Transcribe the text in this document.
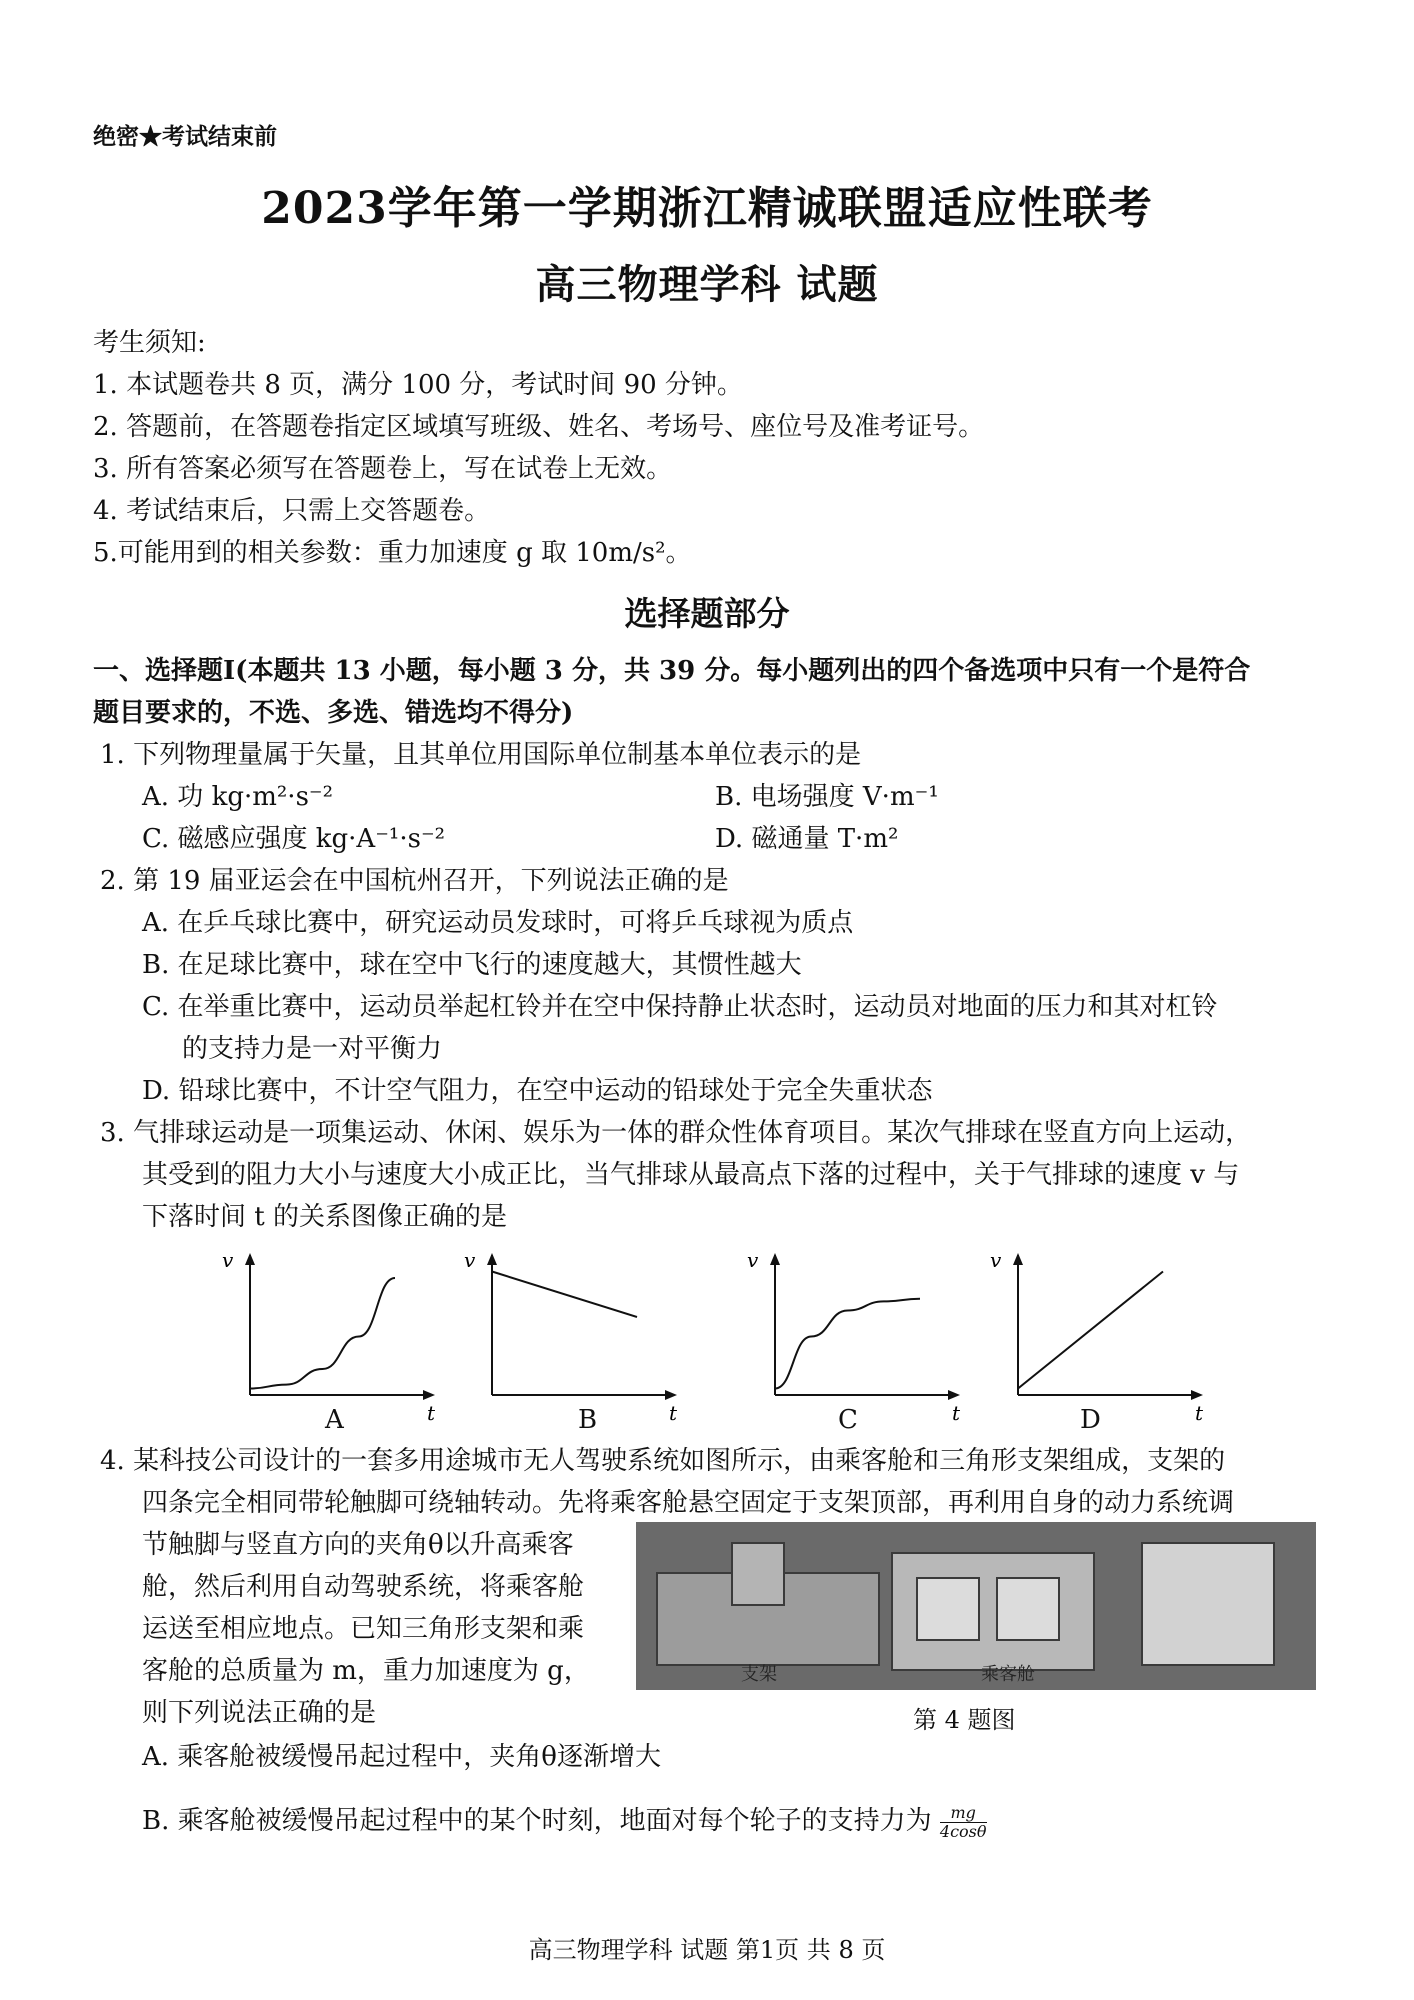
绝密★考试结束前
2023学年第一学期浙江精诚联盟适应性联考
高三物理学科 试题
考生须知:
1. 本试题卷共 8 页，满分 100 分，考试时间 90 分钟。
2. 答题前，在答题卷指定区域填写班级、姓名、考场号、座位号及准考证号。
3. 所有答案必须写在答题卷上，写在试卷上无效。
4. 考试结束后，只需上交答题卷。
5.可能用到的相关参数：重力加速度 g 取 10m/s²。
选择题部分
一、选择题Ⅰ(本题共 13 小题，每小题 3 分，共 39 分。每小题列出的四个备选项中只有一个是符合
题目要求的，不选、多选、错选均不得分)
1. 下列物理量属于矢量，且其单位用国际单位制基本单位表示的是
A. 功 kg·m²·s⁻²	B. 电场强度 V·m⁻¹
C. 磁感应强度 kg·A⁻¹·s⁻²	D. 磁通量 T·m²
2. 第 19 届亚运会在中国杭州召开，下列说法正确的是
A. 在乒乓球比赛中，研究运动员发球时，可将乒乓球视为质点
B. 在足球比赛中，球在空中飞行的速度越大，其惯性越大
C. 在举重比赛中，运动员举起杠铃并在空中保持静止状态时，运动员对地面的压力和其对杠铃
的支持力是一对平衡力
D. 铅球比赛中，不计空气阻力，在空中运动的铅球处于完全失重状态
3. 气排球运动是一项集运动、休闲、娱乐为一体的群众性体育项目。某次气排球在竖直方向上运动，
其受到的阻力大小与速度大小成正比，当气排球从最高点下落的过程中，关于气排球的速度 v 与
下落时间 t 的关系图像正确的是
v
t
v
t
v
t
v
t
A	B	C	D
4. 某科技公司设计的一套多用途城市无人驾驶系统如图所示，由乘客舱和三角形支架组成，支架的
四条完全相同带轮触脚可绕轴转动。先将乘客舱悬空固定于支架顶部，再利用自身的动力系统调
节触脚与竖直方向的夹角θ以升高乘客
舱，然后利用自动驾驶系统，将乘客舱
运送至相应地点。已知三角形支架和乘
客舱的总质量为 m，重力加速度为 g，
则下列说法正确的是
支架	乘客舱
第 4 题图
A. 乘客舱被缓慢吊起过程中，夹角θ逐渐增大
B. 乘客舱被缓慢吊起过程中的某个时刻，地面对每个轮子的支持力为 $\frac{mg}{4\cos\theta}$
高三物理学科 试题 第1页 共 8 页
